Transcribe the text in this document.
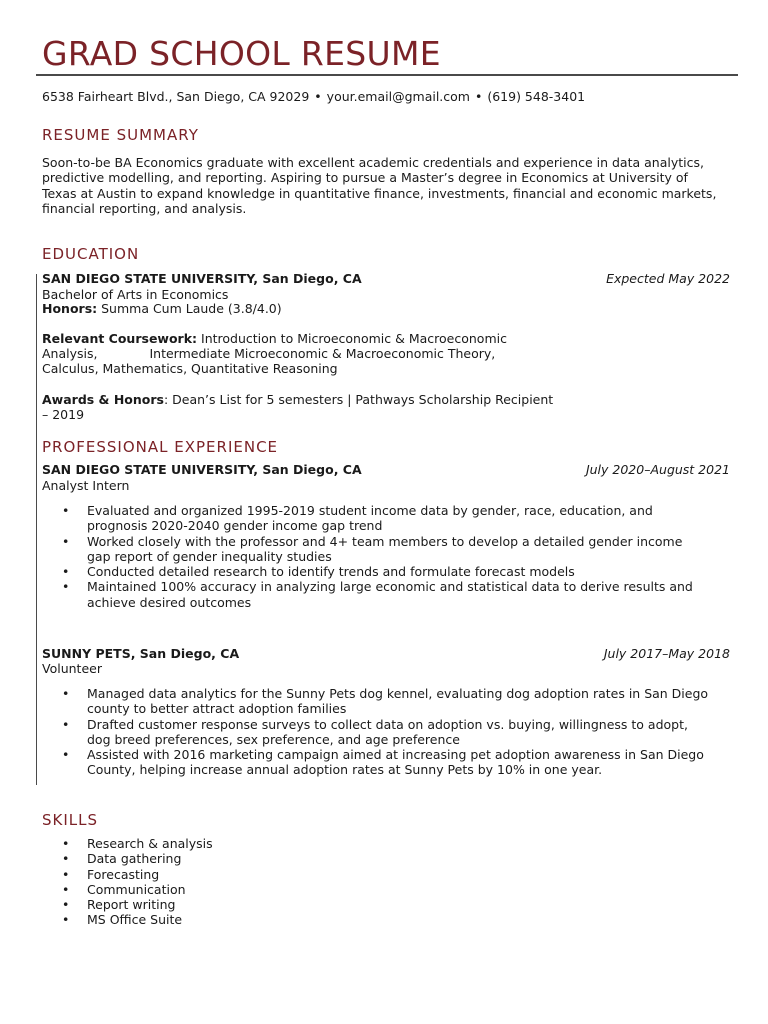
GRAD SCHOOL RESUME
6538 Fairheart Blvd., San Diego, CA 92029 • your.email@gmail.com • (619) 548-3401
RESUME SUMMARY
Soon-to-be BA Economics graduate with excellent academic credentials and experience in data analytics,
predictive modelling, and reporting. Aspiring to pursue a Master’s degree in Economics at University of
Texas at Austin to expand knowledge in quantitative finance, investments, financial and economic markets,
financial reporting, and analysis.
EDUCATION
SAN DIEGO STATE UNIVERSITY, San Diego, CA	Expected May 2022
Bachelor of Arts in Economics
Honors: Summa Cum Laude (3.8/4.0)
Relevant Coursework: Introduction to Microeconomic & Macroeconomic
Analysis,	Intermediate Microeconomic & Macroeconomic Theory,
Calculus, Mathematics, Quantitative Reasoning
Awards & Honors: Dean’s List for 5 semesters | Pathways Scholarship Recipient
– 2019
PROFESSIONAL EXPERIENCE
SAN DIEGO STATE UNIVERSITY, San Diego, CA	July 2020–August 2021
Analyst Intern
• Evaluated and organized 1995-2019 student income data by gender, race, education, and
prognosis 2020-2040 gender income gap trend
• Worked closely with the professor and 4+ team members to develop a detailed gender income
gap report of gender inequality studies
• Conducted detailed research to identify trends and formulate forecast models
• Maintained 100% accuracy in analyzing large economic and statistical data to derive results and
achieve desired outcomes
SUNNY PETS, San Diego, CA	July 2017–May 2018
Volunteer
• Managed data analytics for the Sunny Pets dog kennel, evaluating dog adoption rates in San Diego
county to better attract adoption families
• Drafted customer response surveys to collect data on adoption vs. buying, willingness to adopt,
dog breed preferences, sex preference, and age preference
• Assisted with 2016 marketing campaign aimed at increasing pet adoption awareness in San Diego
County, helping increase annual adoption rates at Sunny Pets by 10% in one year.
SKILLS
• Research & analysis
• Data gathering
• Forecasting
• Communication
• Report writing
• MS Office Suite
